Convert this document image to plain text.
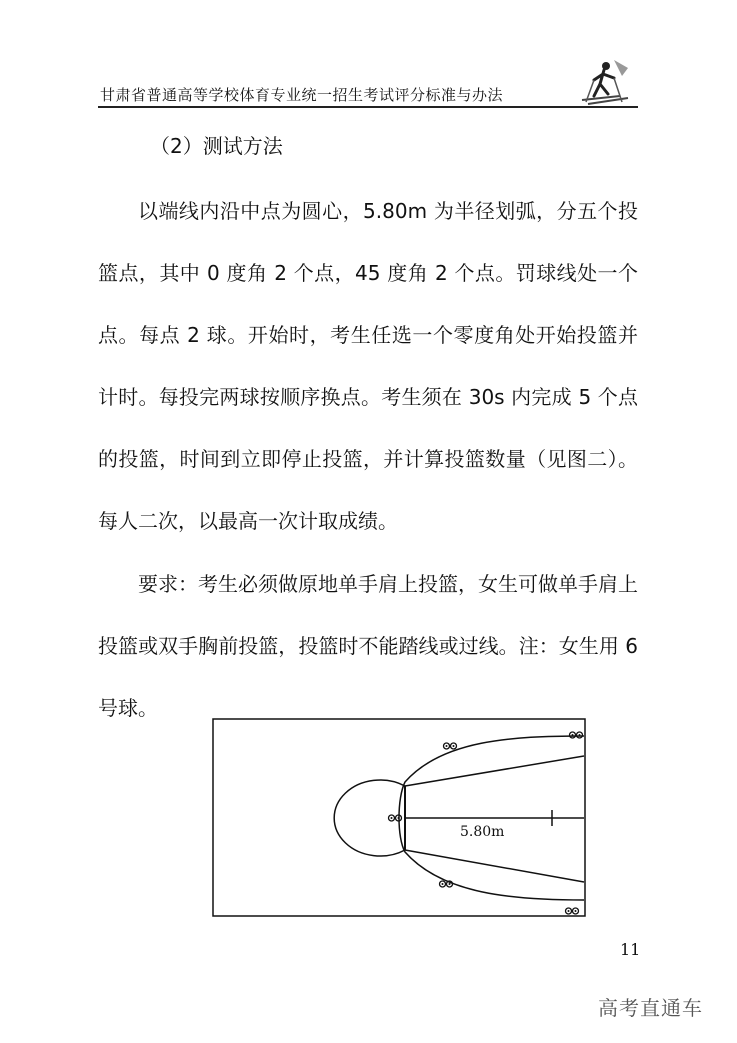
甘肃省普通高等学校体育专业统一招生考试评分标准与办法
（2）测试方法

以端线内沿中点为圆心，5.80m 为半径划弧，分五个投篮点，其中 0 度角 2 个点，45 度角 2 个点。罚球线处一个点。每点 2 球。开始时，考生任选一个零度角处开始投篮并计时。每投完两球按顺序换点。考生须在 30s 内完成 5 个点的投篮，时间到立即停止投篮，并计算投篮数量（见图二）。每人二次，以最高一次计取成绩。

要求：考生必须做原地单手肩上投篮，女生可做单手肩上投篮或双手胸前投篮，投篮时不能踏线或过线。注：女生用 6 号球。

5.80m
11
高考直通车
